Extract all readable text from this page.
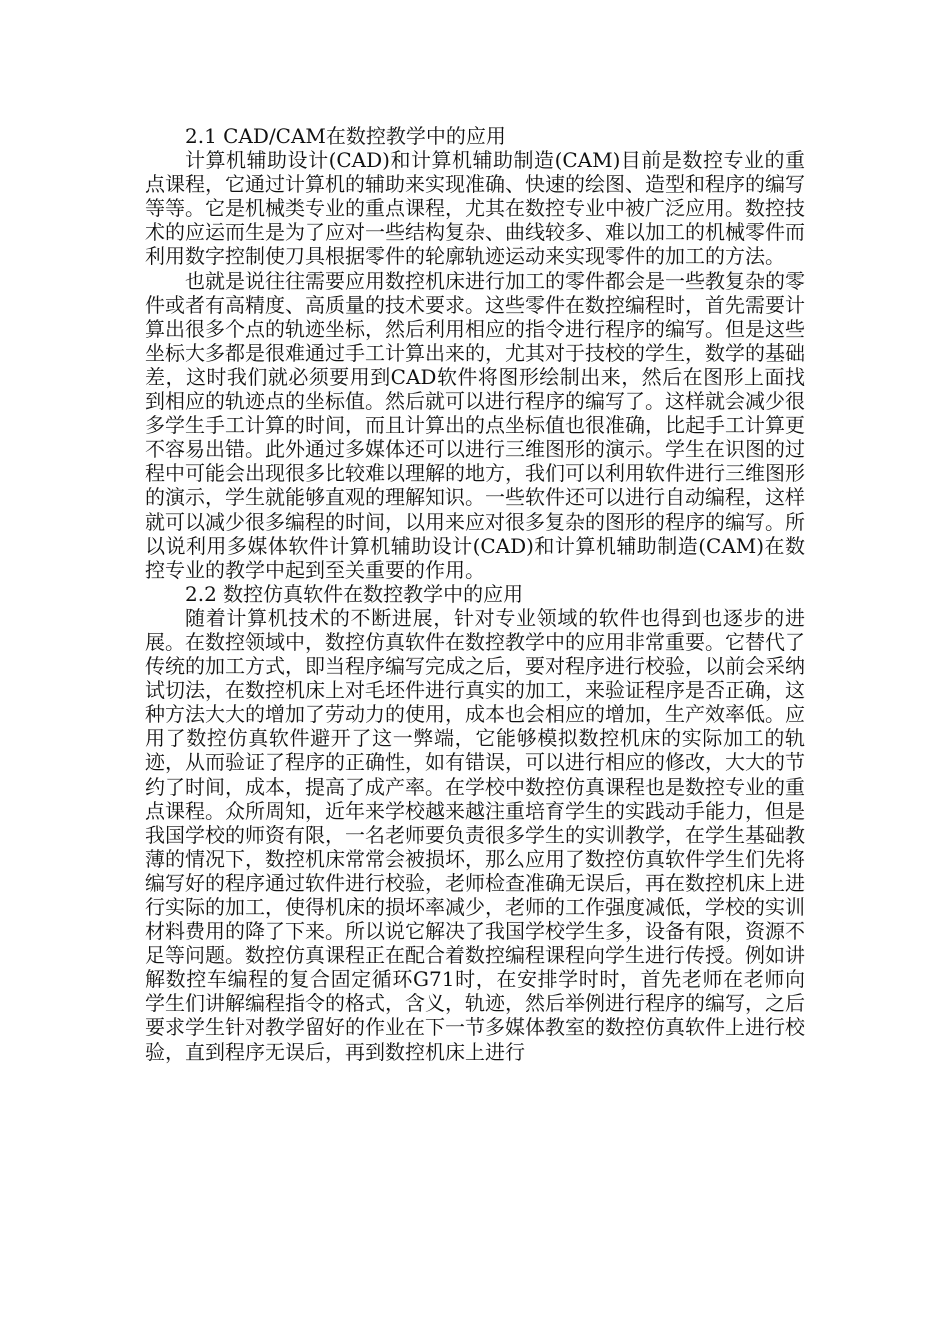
2.1 CAD/CAM在数控教学中的应用

计算机辅助设计(CAD)和计算机辅助制造(CAM)目前是数控专业的重点课程，它通过计算机的辅助来实现准确、快速的绘图、造型和程序的编写等等。它是机械类专业的重点课程，尤其在数控专业中被广泛应用。数控技术的应运而生是为了应对一些结构复杂、曲线较多、难以加工的机械零件而利用数字控制使刀具根据零件的轮廓轨迹运动来实现零件的加工的方法。

也就是说往往需要应用数控机床进行加工的零件都会是一些教复杂的零件或者有高精度、高质量的技术要求。这些零件在数控编程时，首先需要计算出很多个点的轨迹坐标，然后利用相应的指令进行程序的编写。但是这些坐标大多都是很难通过手工计算出来的，尤其对于技校的学生，数学的基础差，这时我们就必须要用到CAD软件将图形绘制出来，然后在图形上面找到相应的轨迹点的坐标值。然后就可以进行程序的编写了。这样就会减少很多学生手工计算的时间，而且计算出的点坐标值也很准确，比起手工计算更不容易出错。此外通过多媒体还可以进行三维图形的演示。学生在识图的过程中可能会出现很多比较难以理解的地方，我们可以利用软件进行三维图形的演示，学生就能够直观的理解知识。一些软件还可以进行自动编程，这样就可以减少很多编程的时间，以用来应对很多复杂的图形的程序的编写。所以说利用多媒体软件计算机辅助设计(CAD)和计算机辅助制造(CAM)在数控专业的教学中起到至关重要的作用。

2.2 数控仿真软件在数控教学中的应用

随着计算机技术的不断进展，针对专业领域的软件也得到也逐步的进展。在数控领域中，数控仿真软件在数控教学中的应用非常重要。它替代了传统的加工方式，即当程序编写完成之后，要对程序进行校验，以前会采纳试切法，在数控机床上对毛坯件进行真实的加工，来验证程序是否正确，这种方法大大的增加了劳动力的使用，成本也会相应的增加，生产效率低。应用了数控仿真软件避开了这一弊端，它能够模拟数控机床的实际加工的轨迹，从而验证了程序的正确性，如有错误，可以进行相应的修改，大大的节约了时间，成本，提高了成产率。在学校中数控仿真课程也是数控专业的重点课程。众所周知，近年来学校越来越注重培育学生的实践动手能力，但是我国学校的师资有限，一名老师要负责很多学生的实训教学，在学生基础教薄的情况下，数控机床常常会被损坏，那么应用了数控仿真软件学生们先将编写好的程序通过软件进行校验，老师检查准确无误后，再在数控机床上进行实际的加工，使得机床的损坏率减少，老师的工作强度减低，学校的实训材料费用的降了下来。所以说它解决了我国学校学生多，设备有限，资源不足等问题。数控仿真课程正在配合着数控编程课程向学生进行传授。例如讲解数控车编程的复合固定循环G71时，在安排学时时，首先老师在老师向学生们讲解编程指令的格式，含义，轨迹，然后举例进行程序的编写，之后要求学生针对教学留好的作业在下一节多媒体教室的数控仿真软件上进行校验，直到程序无误后，再到数控机床上进行
